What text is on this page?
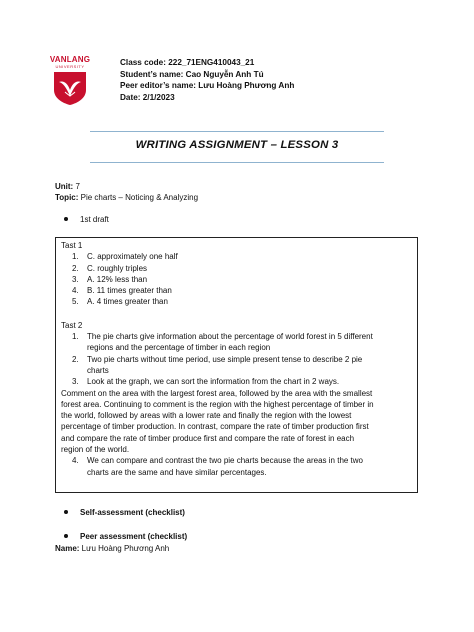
VANLANG
UNIVERSITY	Class code: 222_71ENG410043_21
Student’s name: Cao Nguyễn Anh Tú
Peer editor’s name: Lưu Hoàng Phương Anh
Date: 2/1/2023
WRITING ASSIGNMENT – LESSON 3
Unit: 7
Topic: Pie charts – Noticing & Analyzing
1st draft
Tast 1
1. C. approximately one half
2. C. roughly triples
3. A. 12% less than
4. B. 11 times greater than
5. A. 4 times greater than
Tast 2
1. The pie charts give information about the percentage of world forest in 5 different
regions and the percentage of timber in each region
2. Two pie charts without time period, use simple present tense to describe 2 pie
charts
3. Look at the graph, we can sort the information from the chart in 2 ways.
Comment on the area with the largest forest area, followed by the area with the smallest
forest area. Continuing to comment is the region with the highest percentage of timber in
the world, followed by areas with a lower rate and finally the region with the lowest
percentage of timber production. In contrast, compare the rate of timber production first
and compare the rate of timber produce first and compare the rate of forest in each
region of the world.
4. We can compare and contrast the two pie charts because the areas in the two
charts are the same and have similar percentages.
Self-assessment (checklist)
Peer assessment (checklist)
Name: Lưu Hoàng Phương Anh
